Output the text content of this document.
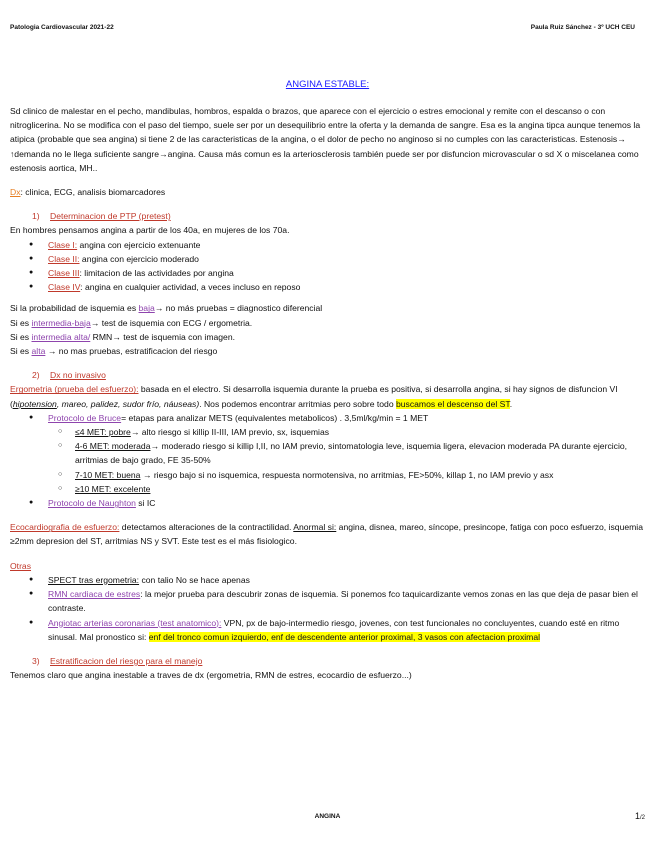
Patologia Cardiovascular 2021-22	Paula Ruiz Sánchez - 3º UCH CEU
ANGINA ESTABLE:

Sd clinico de malestar en el pecho, mandibulas, hombros, espalda o brazos, que aparece con el ejercicio o estres emocional y remite con el descanso o con nitroglicerina. No se modifica con el paso del tiempo, suele ser por un desequilibrio entre la oferta y la demanda de sangre. Esa es la angina tipca aunque tenemos la atipica (probable que sea angina) si tiene 2 de las caracteristicas de la angina, o el dolor de pecho no anginoso si no cumples con las caracteristicas. Estenosis→ ↑demanda no le llega suficiente sangre→angina. Causa más comun es la arteriosclerosis también puede ser por disfuncion microvascular o sd X o miscelanea como estenosis aortica, MH..

Dx: clinica, ECG, analisis biomarcadores

1) Determinacion de PTP (pretest)

En hombres pensamos angina a partir de los 40a, en mujeres de los 70a.

● Clase I: angina con ejercicio extenuante

● Clase II: angina con ejercicio moderado

● Clase III: limitacion de las actividades por angina

● Clase IV: angina en cualquier actividad, a veces incluso en reposo

Si la probabilidad de isquemia es baja→ no más pruebas = diagnostico diferencial

Si es intermedia-baja→ test de isquemia con ECG / ergometria.

Si es intermedia alta/ RMN→ test de isquemia con imagen.

Si es alta → no mas pruebas, estratificacion del riesgo

2) Dx no invasivo

Ergometria (prueba del esfuerzo): basada en el electro. Si desarrolla isquemia durante la prueba es positiva, si desarrolla angina, si hay signos de disfuncion VI (hipotension, mareo, palidez, sudor frío, náuseas). Nos podemos encontrar arritmias pero sobre todo buscamos el descenso del ST.

● Protocolo de Bruce= etapas para analizar METS (equivalentes metabolicos) . 3,5ml/kg/min = 1 MET

○ ≤4 MET: pobre→ alto riesgo si killip II-III, IAM previo, sx, isquemias

○ 4-6 MET: moderada→ moderado riesgo si killip I,II, no IAM previo, sintomatologia leve, isquemia ligera, elevacion moderada PA durante ejercicio, arritmias de bajo grado, FE 35-50%

○ 7-10 MET: buena → riesgo bajo si no isquemica, respuesta normotensiva, no arritmias, FE>50%, killap 1, no IAM previo y asx

○ ≥10 MET: excelente

● Protocolo de Naughton si IC

Ecocardiografia de esfuerzo: detectamos alteraciones de la contractilidad. Anormal si: angina, disnea, mareo, síncope, presincope, fatiga con poco esfuerzo, isquemia ≥2mm depresion del ST, arritmias NS y SVT. Este test es el más fisiologico.

Otras

● SPECT tras ergometria: con talio No se hace apenas

● RMN cardiaca de estres: la mejor prueba para descubrir zonas de isquemia. Si ponemos fco taquicardizante vemos zonas en las que deja de pasar bien el contraste.

● Angiotac arterias coronarias (test anatomico): VPN, px de bajo-intermedio riesgo, jovenes, con test funcionales no concluyentes, cuando esté en ritmo sinusal. Mal pronostico si: enf del tronco comun izquierdo, enf de descendente anterior proximal, 3 vasos con afectacion proximal

3) Estratificacion del riesgo para el manejo

Tenemos claro que angina inestable a traves de dx (ergometria, RMN de estres, ecocardio de esfuerzo...)

ANGINA	1/2
